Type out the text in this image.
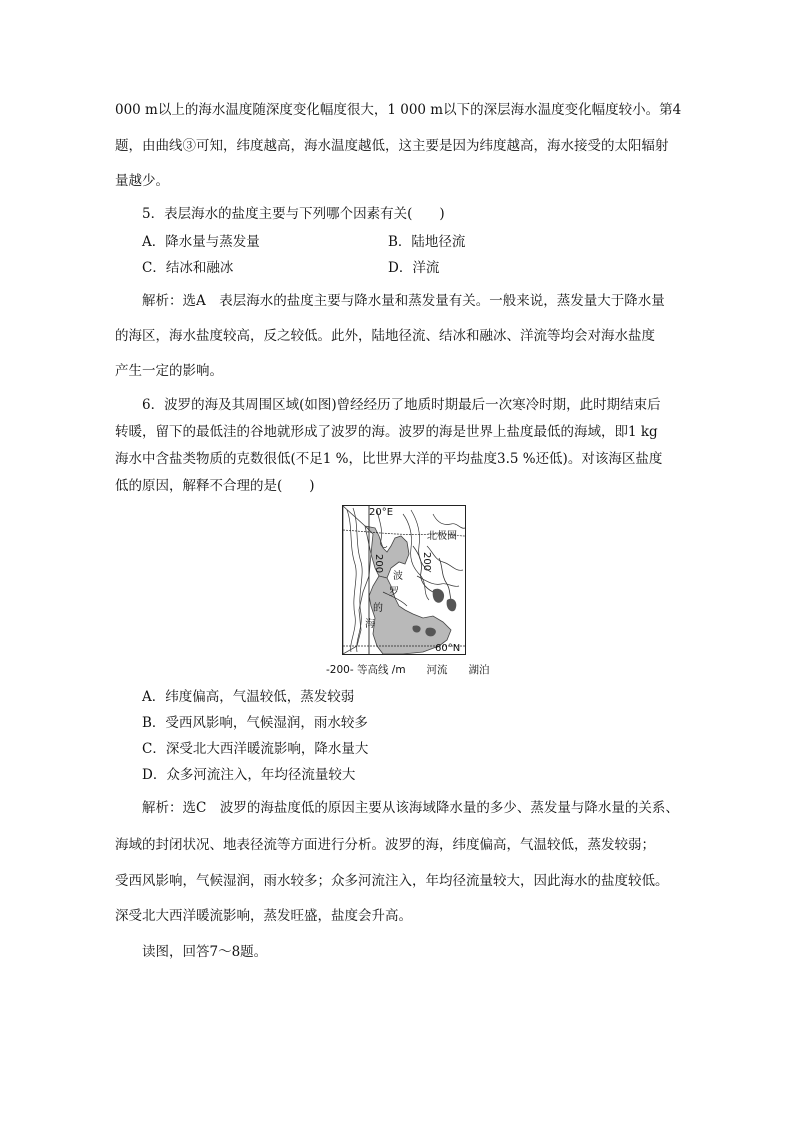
000 m以上的海水温度随深度变化幅度很大，1 000 m以下的深层海水温度变化幅度较小。第4
题，由曲线③可知，纬度越高，海水温度越低，这主要是因为纬度越高，海水接受的太阳辐射
量越少。
5．表层海水的盐度主要与下列哪个因素有关(　　)
A．降水量与蒸发量	B．陆地径流
C．结冰和融冰	D．洋流
解析：选A　表层海水的盐度主要与降水量和蒸发量有关。一般来说，蒸发量大于降水量
的海区，海水盐度较高，反之较低。此外，陆地径流、结冰和融冰、洋流等均会对海水盐度
产生一定的影响。
6．波罗的海及其周围区域(如图)曾经经历了地质时期最后一次寒冷时期，此时期结束后
转暖，留下的最低洼的谷地就形成了波罗的海。波罗的海是世界上盐度最低的海域，即1 kg
海水中含盐类物质的克数很低(不足1 %，比世界大洋的平均盐度3.5 %还低)。对该海区盐度
低的原因，解释不合理的是(　　)
20°E
北极圈
200	200
波
罗
的
海
60°N
-200- 等高线 /m　　河流　　湖泊
A．纬度偏高，气温较低，蒸发较弱
B．受西风影响，气候湿润，雨水较多
C．深受北大西洋暖流影响，降水量大
D．众多河流注入，年均径流量较大
解析：选C　波罗的海盐度低的原因主要从该海域降水量的多少、蒸发量与降水量的关系、
海域的封闭状况、地表径流等方面进行分析。波罗的海，纬度偏高，气温较低，蒸发较弱；
受西风影响，气候湿润，雨水较多；众多河流注入，年均径流量较大，因此海水的盐度较低。
深受北大西洋暖流影响，蒸发旺盛，盐度会升高。
读图，回答7～8题。
